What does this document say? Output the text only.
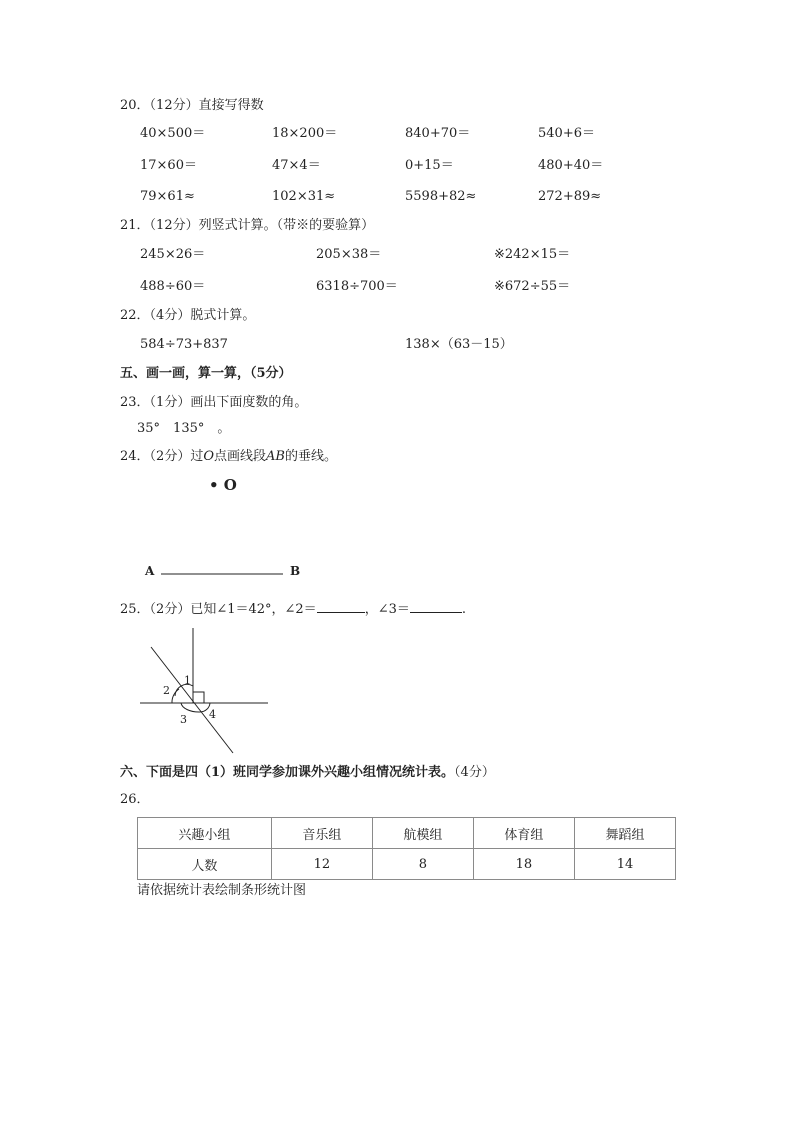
20．（12分）直接写得数
40×500＝	18×200＝	840+70＝	540+6＝
17×60＝	47×4＝	0+15＝	480+40＝
79×61≈	102×31≈	5598+82≈	272+89≈
21．（12分）列竖式计算。（带※的要验算）
245×26＝	205×38＝	※242×15＝
488÷60＝	6318÷700＝	※672÷55＝
22．（4分）脱式计算。
584÷73+837	138×（63－15）
五、画一画，算一算，（5分）
23．（1分）画出下面度数的角。
35°　135°　。
24．（2分）过O点画线段AB的垂线。
• O
A	B
25．（2分）已知∠1＝42°，∠2＝	，∠3＝	.
1
2
3 4
六、下面是四（1）班同学参加课外兴趣小组情况统计表。（4分）
26．
兴趣小组	音乐组	航模组	体育组	舞蹈组
人数	12	8	18	14
请依据统计表绘制条形统计图
